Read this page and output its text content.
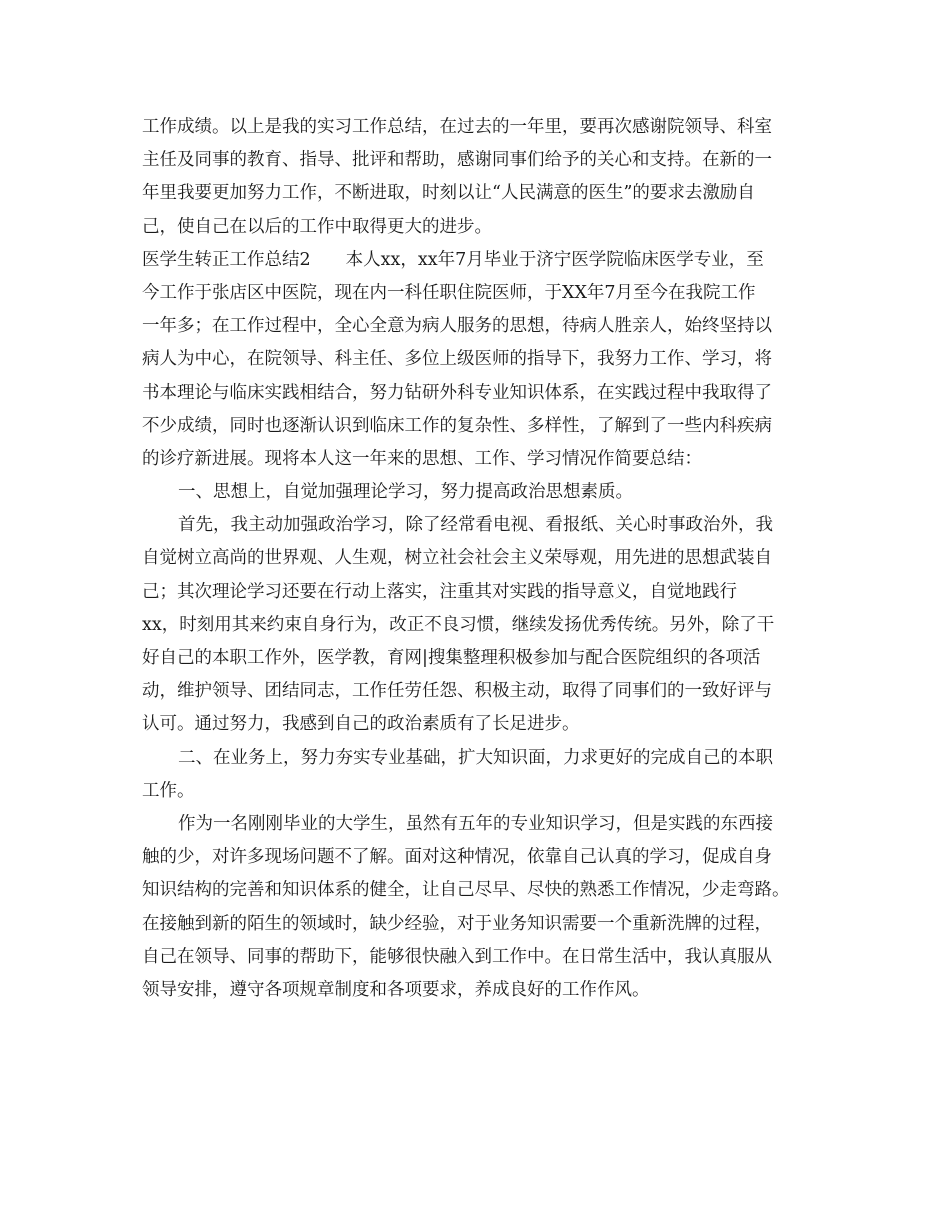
工作成绩。以上是我的实习工作总结，在过去的一年里，要再次感谢院领导、科室
主任及同事的教育、指导、批评和帮助，感谢同事们给予的关心和支持。在新的一
年里我要更加努力工作，不断进取，时刻以让“人民满意的医生”的要求去激励自
己，使自己在以后的工作中取得更大的进步。
医学生转正工作总结2　　本人xx，xx年7月毕业于济宁医学院临床医学专业，至
今工作于张店区中医院，现在内一科任职住院医师，于XX年7月至今在我院工作
一年多；在工作过程中，全心全意为病人服务的思想，待病人胜亲人，始终坚持以
病人为中心，在院领导、科主任、多位上级医师的指导下，我努力工作、学习，将
书本理论与临床实践相结合，努力钻研外科专业知识体系，在实践过程中我取得了
不少成绩，同时也逐渐认识到临床工作的复杂性、多样性，了解到了一些内科疾病
的诊疗新进展。现将本人这一年来的思想、工作、学习情况作简要总结：
一、思想上，自觉加强理论学习，努力提高政治思想素质。
首先，我主动加强政治学习，除了经常看电视、看报纸、关心时事政治外，我
自觉树立高尚的世界观、人生观，树立社会社会主义荣辱观，用先进的思想武装自
己；其次理论学习还要在行动上落实，注重其对实践的指导意义，自觉地践行
xx，时刻用其来约束自身行为，改正不良习惯，继续发扬优秀传统。另外，除了干
好自己的本职工作外，医学教，育网|搜集整理积极参加与配合医院组织的各项活
动，维护领导、团结同志，工作任劳任怨、积极主动，取得了同事们的一致好评与
认可。通过努力，我感到自己的政治素质有了长足进步。
二、在业务上，努力夯实专业基础，扩大知识面，力求更好的完成自己的本职
工作。
作为一名刚刚毕业的大学生，虽然有五年的专业知识学习，但是实践的东西接
触的少，对许多现场问题不了解。面对这种情况，依靠自己认真的学习，促成自身
知识结构的完善和知识体系的健全，让自己尽早、尽快的熟悉工作情况，少走弯路。
在接触到新的陌生的领域时，缺少经验，对于业务知识需要一个重新洗牌的过程，
自己在领导、同事的帮助下，能够很快融入到工作中。在日常生活中，我认真服从
领导安排，遵守各项规章制度和各项要求，养成良好的工作作风。
